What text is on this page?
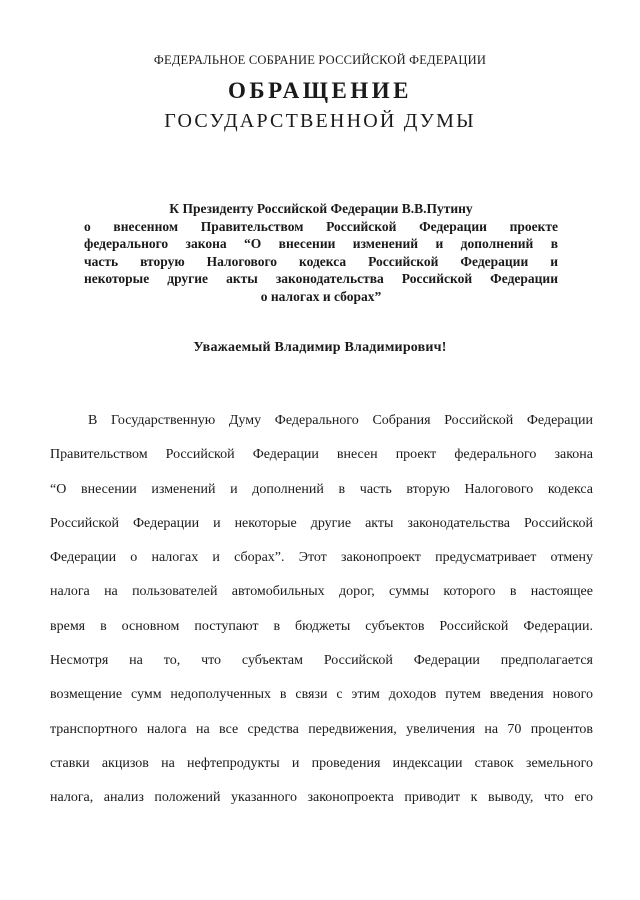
ФЕДЕРАЛЬНОЕ СОБРАНИЕ РОССИЙСКОЙ ФЕДЕРАЦИИ
ОБРАЩЕНИЕ
ГОСУДАРСТВЕННОЙ ДУМЫ
К Президенту Российской Федерации В.В.Путину
о внесенном Правительством Российской Федерации проекте
федерального закона “О внесении изменений и дополнений в
часть вторую Налогового кодекса Российской Федерации и
некоторые другие акты законодательства Российской Федерации
о налогах и сборах”
Уважаемый Владимир Владимирович!
В Государственную Думу Федерального Собрания Российской Федерации
Правительством Российской Федерации внесен проект федерального закона
“О внесении изменений и дополнений в часть вторую Налогового кодекса
Российской Федерации и некоторые другие акты законодательства Российской
Федерации о налогах и сборах”. Этот законопроект предусматривает отмену
налога на пользователей автомобильных дорог, суммы которого в настоящее
время в основном поступают в бюджеты субъектов Российской Федерации.
Несмотря на то, что субъектам Российской Федерации предполагается
возмещение сумм недополученных в связи с этим доходов путем введения нового
транспортного налога на все средства передвижения, увеличения на 70 процентов
ставки акцизов на нефтепродукты и проведения индексации ставок земельного
налога, анализ положений указанного законопроекта приводит к выводу, что его
